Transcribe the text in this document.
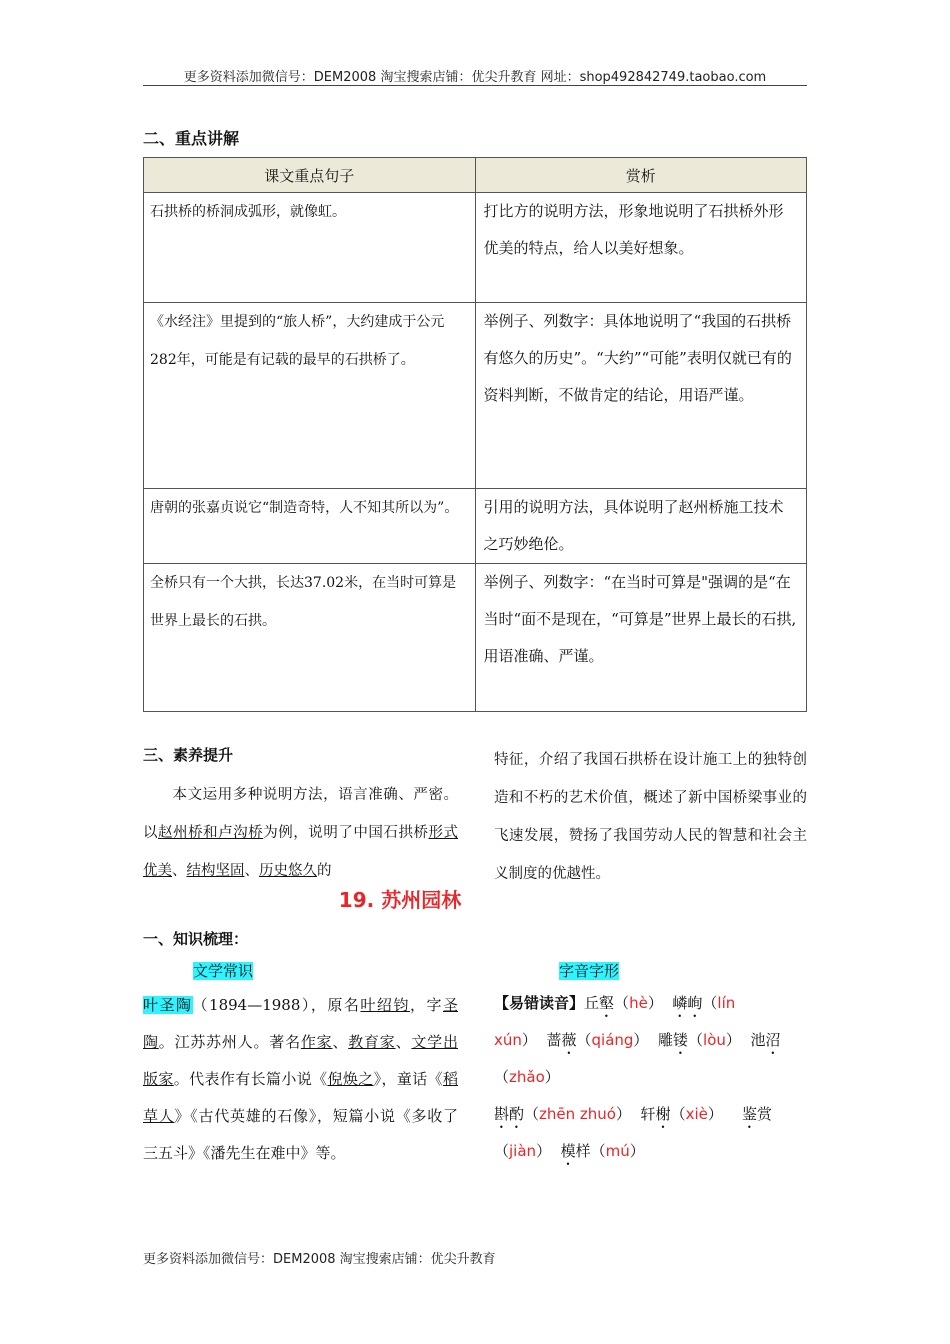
更多资料添加微信号：DEM2008 淘宝搜索店铺：优尖升教育 网址：shop492842749.taobao.com
二、重点讲解
课文重点句子	赏析
石拱桥的桥洞成弧形，就像虹。	打比方的说明方法，形象地说明了石拱桥外形优美的特点，给人以美好想象。
《水经注》里提到的“旅人桥”，大约建成于公元282年，可能是有记载的最早的石拱桥了。	举例子、列数字：具体地说明了“我国的石拱桥有悠久的历史”。“大约”“可能”表明仅就已有的资料判断，不做肯定的结论，用语严谨。
唐朝的张嘉贞说它“制造奇特，人不知其所以为”。	引用的说明方法，具体说明了赵州桥施工技术之巧妙绝伦。
全桥只有一个大拱，长达37.02米，在当时可算是世界上最长的石拱。	举例子、列数字：“在当时可算是"强调的是“在当时“面不是现在，“可算是”世界上最长的石拱,用语准确、严谨。
三、素养提升
本文运用多种说明方法，语言准确、严密。以赵州桥和卢沟桥为例，说明了中国石拱桥形式优美、结构坚固、历史悠久的
特征，介绍了我国石拱桥在设计施工上的独特创造和不朽的艺术价值，概述了新中国桥梁事业的飞速发展，赞扬了我国劳动人民的智慧和社会主义制度的优越性。
19. 苏州园林
一、知识梳理：
文学常识	字音字形
叶圣陶（1894—1988），原名叶绍钧，字圣陶。江苏苏州人。著名作家、教育家、文学出版家。代表作有长篇小说《倪焕之》，童话《稻草人》《古代英雄的石像》，短篇小说《多收了三五斗》《潘先生在难中》等。
【易错读音】丘壑（hè） 嶙峋（lín xún） 蔷薇（qiáng） 雕镂（lòu） 池沼（zhǎo）
斟酌（zhēn zhuó） 轩榭（xiè） 鉴赏（jiàn） 模样（mú）
更多资料添加微信号：DEM2008 淘宝搜索店铺：优尖升教育
